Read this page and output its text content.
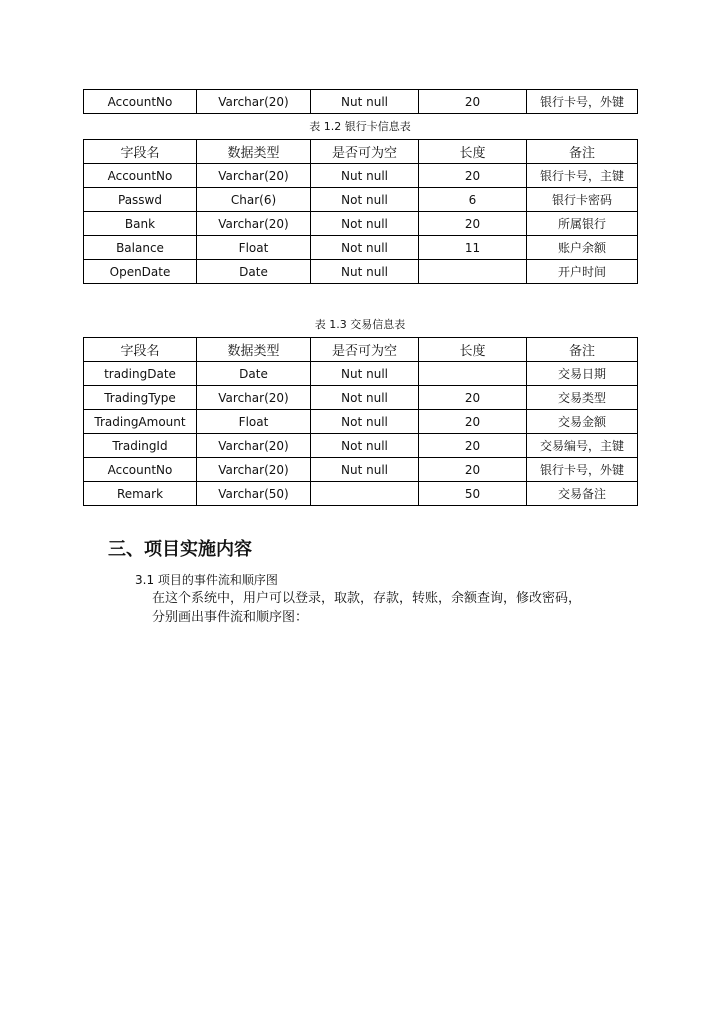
AccountNo	Varchar(20)	Nut null	20	银行卡号，外键
表 1.2 银行卡信息表
字段名	数据类型	是否可为空	长度	备注
AccountNo	Varchar(20)	Nut null	20	银行卡号，主键
Passwd	Char(6)	Not null	6	银行卡密码
Bank	Varchar(20)	Not null	20	所属银行
Balance	Float	Not null	11	账户余额
OpenDate	Date	Nut null		开户时间
表 1.3 交易信息表
字段名	数据类型	是否可为空	长度	备注
tradingDate	Date	Nut null		交易日期
TradingType	Varchar(20)	Not null	20	交易类型
TradingAmount	Float	Not null	20	交易金额
TradingId	Varchar(20)	Not null	20	交易编号，主键
AccountNo	Varchar(20)	Nut null	20	银行卡号，外键
Remark	Varchar(50)		50	交易备注
三、项目实施内容
3.1 项目的事件流和顺序图
在这个系统中，用户可以登录，取款，存款，转账，余额查询，修改密码，
分别画出事件流和顺序图：
